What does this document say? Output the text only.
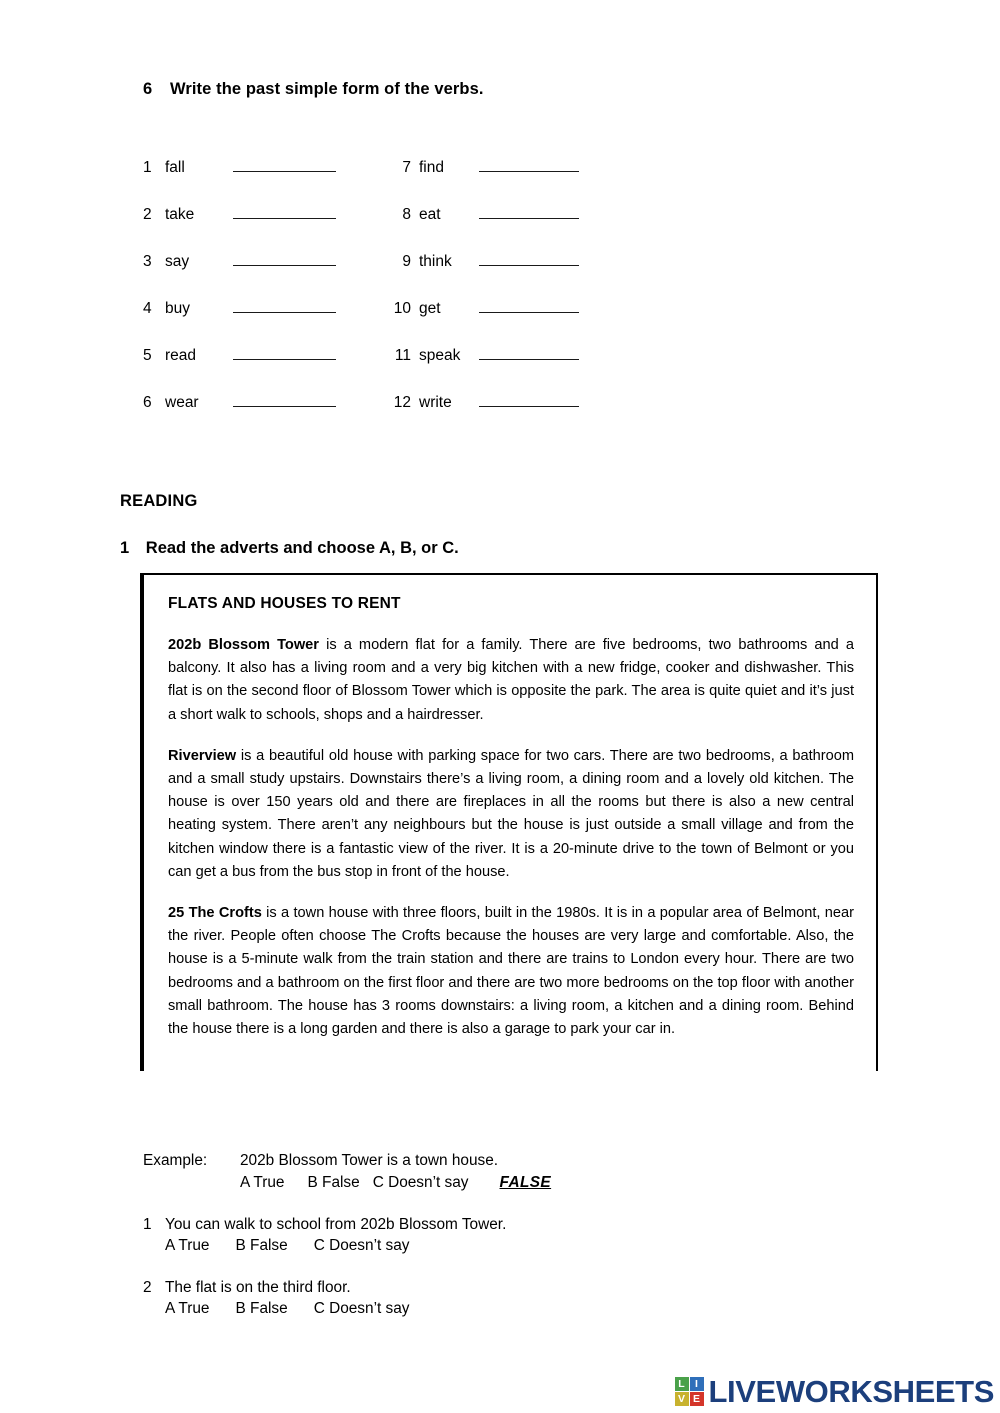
6 Write the past simple form of the verbs.
1 fall	7 find
2 take	8 eat
3 say	9 think
4 buy	10 get
5 read	11 speak
6 wear	12 write
READING
1 Read the adverts and choose A, B, or C.
FLATS AND HOUSES TO RENT

202b Blossom Tower is a modern flat for a family. There are five bedrooms, two bathrooms and a balcony. It also has a living room and a very big kitchen with a new fridge, cooker and dishwasher. This flat is on the second floor of Blossom Tower which is opposite the park. The area is quite quiet and it’s just a short walk to schools, shops and a hairdresser.

Riverview is a beautiful old house with parking space for two cars. There are two bedrooms, a bathroom and a small study upstairs. Downstairs there’s a living room, a dining room and a lovely old kitchen. The house is over 150 years old and there are fireplaces in all the rooms but there is also a new central heating system. There aren’t any neighbours but the house is just outside a small village and from the kitchen window there is a fantastic view of the river. It is a 20-minute drive to the town of Belmont or you can get a bus from the bus stop in front of the house.

25 The Crofts is a town house with three floors, built in the 1980s. It is in a popular area of Belmont, near the river. People often choose The Crofts because the houses are very large and comfortable. Also, the house is a 5-minute walk from the train station and there are trains to London every hour. There are two bedrooms and a bathroom on the first floor and there are two more bedrooms on the top floor with another small bathroom. The house has 3 rooms downstairs: a living room, a kitchen and a dining room. Behind the house there is a long garden and there is also a garage to park your car in.

Example:	202b Blossom Tower is a town house.
A True B False C Doesn’t say FALSE
1 You can walk to school from 202b Blossom Tower.
A True B False C Doesn’t say
2 The flat is on the third floor.
A True B False C Doesn’t say
L I
V E LIVEWORKSHEETS
